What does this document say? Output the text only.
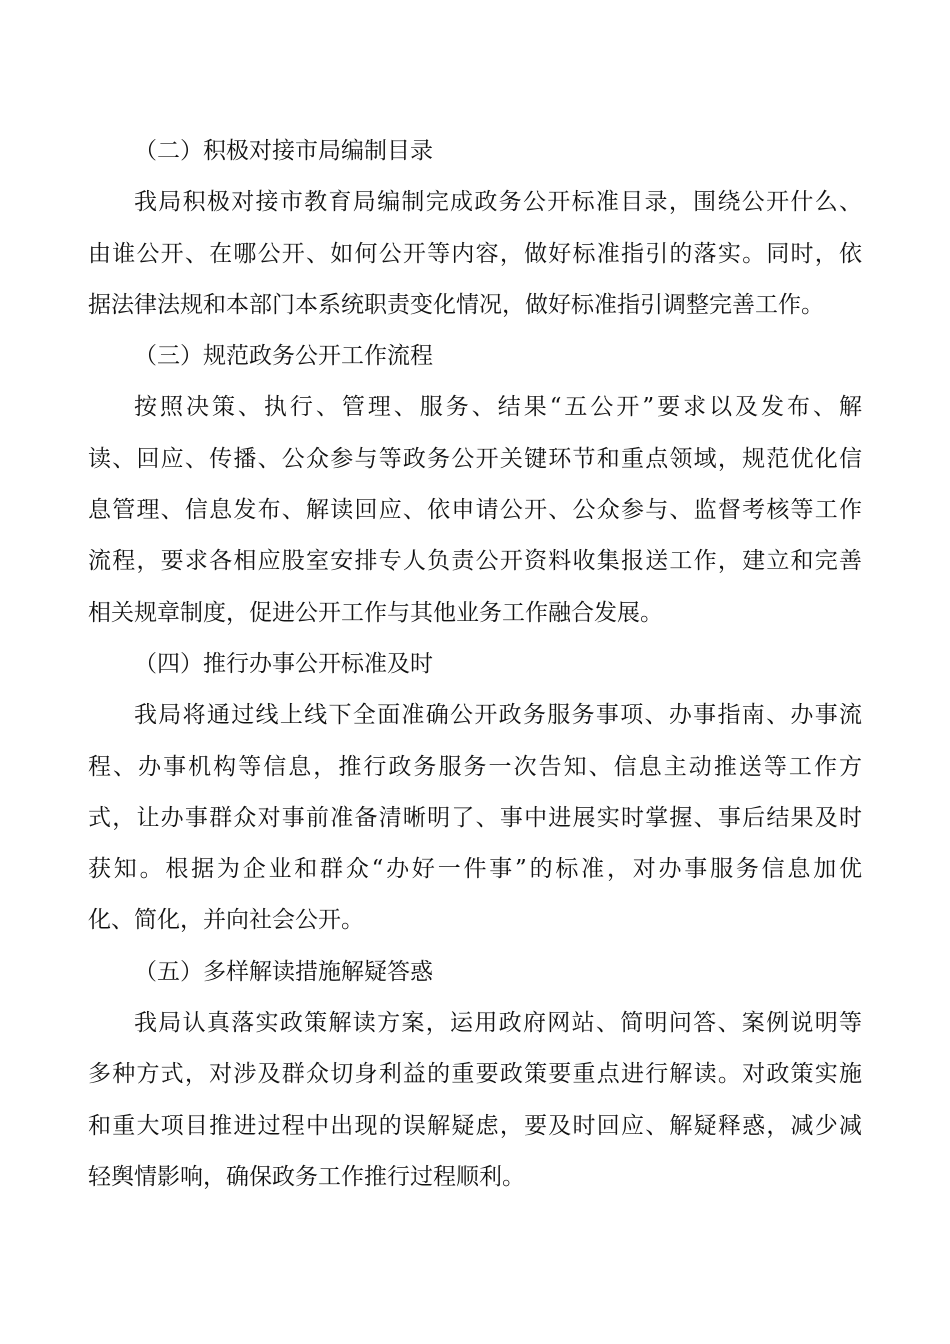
（二）积极对接市局编制目录
我局积极对接市教育局编制完成政务公开标准目录，围绕公开什么、
由谁公开、在哪公开、如何公开等内容，做好标准指引的落实。同时，依
据法律法规和本部门本系统职责变化情况，做好标准指引调整完善工作。
（三）规范政务公开工作流程
按照决策、执行、管理、服务、结果“五公开”要求以及发布、解
读、回应、传播、公众参与等政务公开关键环节和重点领域，规范优化信
息管理、信息发布、解读回应、依申请公开、公众参与、监督考核等工作
流程，要求各相应股室安排专人负责公开资料收集报送工作，建立和完善
相关规章制度，促进公开工作与其他业务工作融合发展。
（四）推行办事公开标准及时
我局将通过线上线下全面准确公开政务服务事项、办事指南、办事流
程、办事机构等信息，推行政务服务一次告知、信息主动推送等工作方
式，让办事群众对事前准备清晰明了、事中进展实时掌握、事后结果及时
获知。根据为企业和群众“办好一件事”的标准，对办事服务信息加优
化、简化，并向社会公开。
（五）多样解读措施解疑答惑
我局认真落实政策解读方案，运用政府网站、简明问答、案例说明等
多种方式，对涉及群众切身利益的重要政策要重点进行解读。对政策实施
和重大项目推进过程中出现的误解疑虑，要及时回应、解疑释惑，减少减
轻舆情影响，确保政务工作推行过程顺利。
